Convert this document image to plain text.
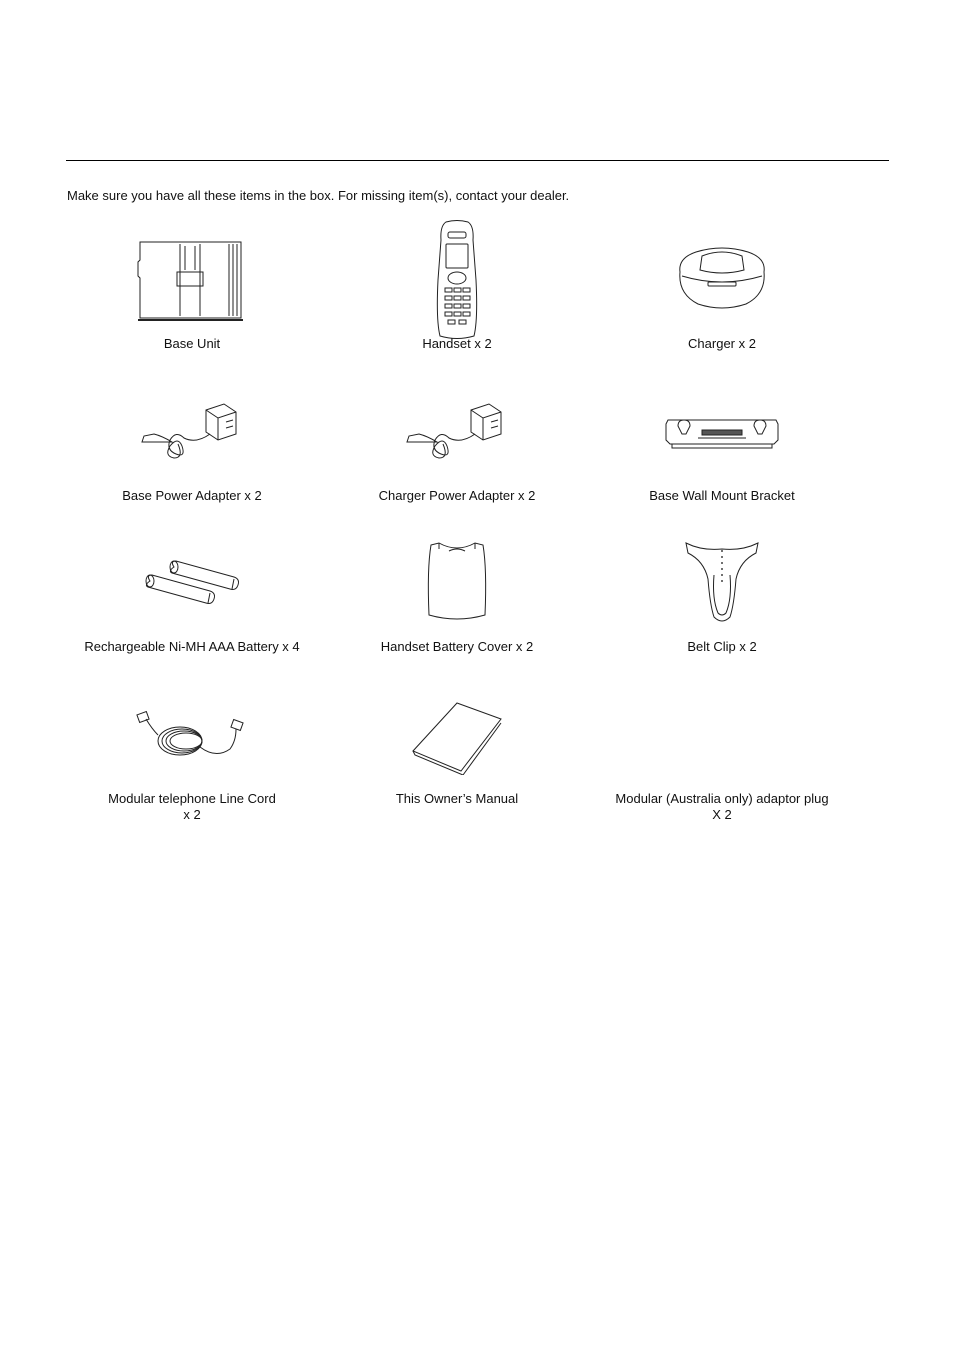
Make sure you have all these items in the box. For missing item(s), contact your dealer.
Base Unit	Handset x 2	Charger x 2
Base Power Adapter x 2	Charger Power Adapter x 2	Base Wall Mount Bracket
Rechargeable Ni-MH AAA Battery x 4	Handset Battery Cover x 2	Belt Clip x 2
Modular telephone Line Cord
x 2
This Owner’s Manual	Modular (Australia only) adaptor plug
X 2
